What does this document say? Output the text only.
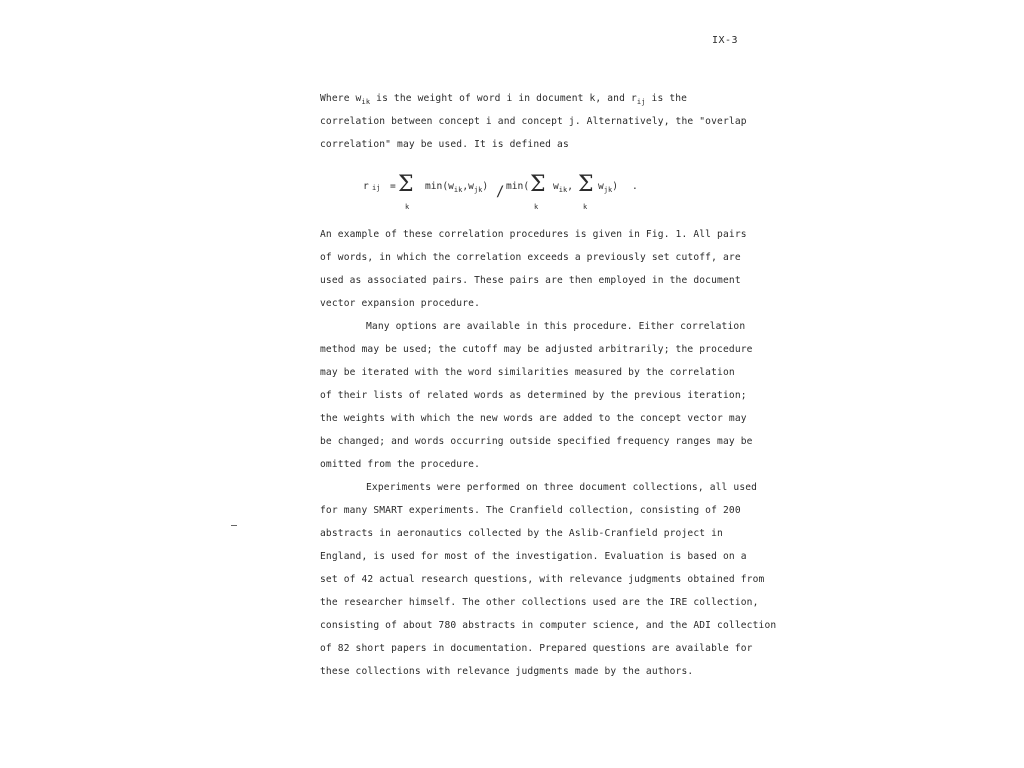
IX-3
Where $w_{ik}$ is the weight of word i in document k, and $r_{ij}$ is the
correlation between concept i and concept j. Alternatively, the "overlap
correlation" may be used. It is defined as
r ij = Σ
k
$\min(w_{ik},w_{jk}) / \min$( Σ
k
$w_{ik}$, Σ
k
$w_{jk}$) .
An example of these correlation procedures is given in Fig. 1. All pairs
of words, in which the correlation exceeds a previously set cutoff, are
used as associated pairs. These pairs are then employed in the document
vector expansion procedure.
Many options are available in this procedure. Either correlation
method may be used; the cutoff may be adjusted arbitrarily; the procedure
may be iterated with the word similarities measured by the correlation
of their lists of related words as determined by the previous iteration;
the weights with which the new words are added to the concept vector may
be changed; and words occurring outside specified frequency ranges may be
omitted from the procedure.
Experiments were performed on three document collections, all used
for many SMART experiments. The Cranfield collection, consisting of 200
abstracts in aeronautics collected by the Aslib-Cranfield project in
England, is used for most of the investigation. Evaluation is based on a
set of 42 actual research questions, with relevance judgments obtained from
the researcher himself. The other collections used are the IRE collection,
consisting of about 780 abstracts in computer science, and the ADI collection
of 82 short papers in documentation. Prepared questions are available for
these collections with relevance judgments made by the authors.
